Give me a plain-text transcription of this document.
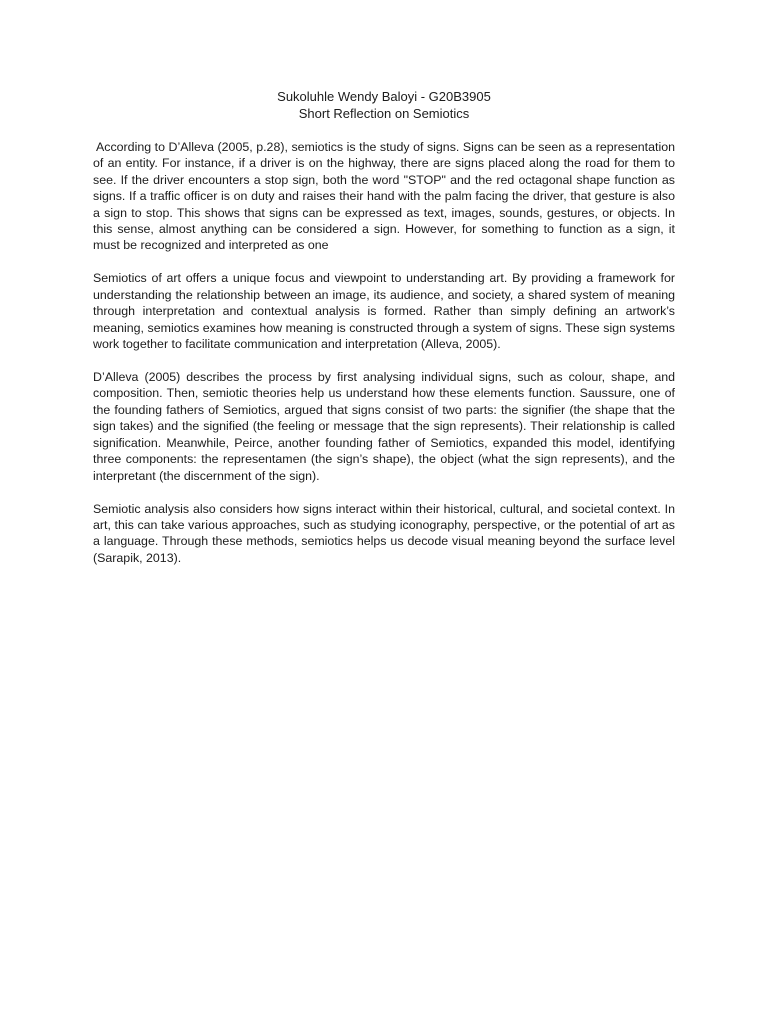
Sukoluhle Wendy Baloyi - G20B3905
Short Reflection on Semiotics

According to D’Alleva (2005, p.28), semiotics is the study of signs. Signs can be seen as a representation of an entity. For instance, if a driver is on the highway, there are signs placed along the road for them to see. If the driver encounters a stop sign, both the word "STOP" and the red octagonal shape function as signs. If a traffic officer is on duty and raises their hand with the palm facing the driver, that gesture is also a sign to stop. This shows that signs can be expressed as text, images, sounds, gestures, or objects. In this sense, almost anything can be considered a sign. However, for something to function as a sign, it must be recognized and interpreted as one

Semiotics of art offers a unique focus and viewpoint to understanding art. By providing a framework for understanding the relationship between an image, its audience, and society, a shared system of meaning through interpretation and contextual analysis is formed. Rather than simply defining an artwork’s meaning, semiotics examines how meaning is constructed through a system of signs. These sign systems work together to facilitate communication and interpretation (Alleva, 2005).

D’Alleva (2005) describes the process by first analysing individual signs, such as colour, shape, and composition. Then, semiotic theories help us understand how these elements function. Saussure, one of the founding fathers of Semiotics, argued that signs consist of two parts: the signifier (the shape that the sign takes) and the signified (the feeling or message that the sign represents). Their relationship is called signification. Meanwhile, Peirce, another founding father of Semiotics, expanded this model, identifying three components: the representamen (the sign’s shape), the object (what the sign represents), and the interpretant (the discernment of the sign).

Semiotic analysis also considers how signs interact within their historical, cultural, and societal context. In art, this can take various approaches, such as studying iconography, perspective, or the potential of art as a language. Through these methods, semiotics helps us decode visual meaning beyond the surface level (Sarapik, 2013).
